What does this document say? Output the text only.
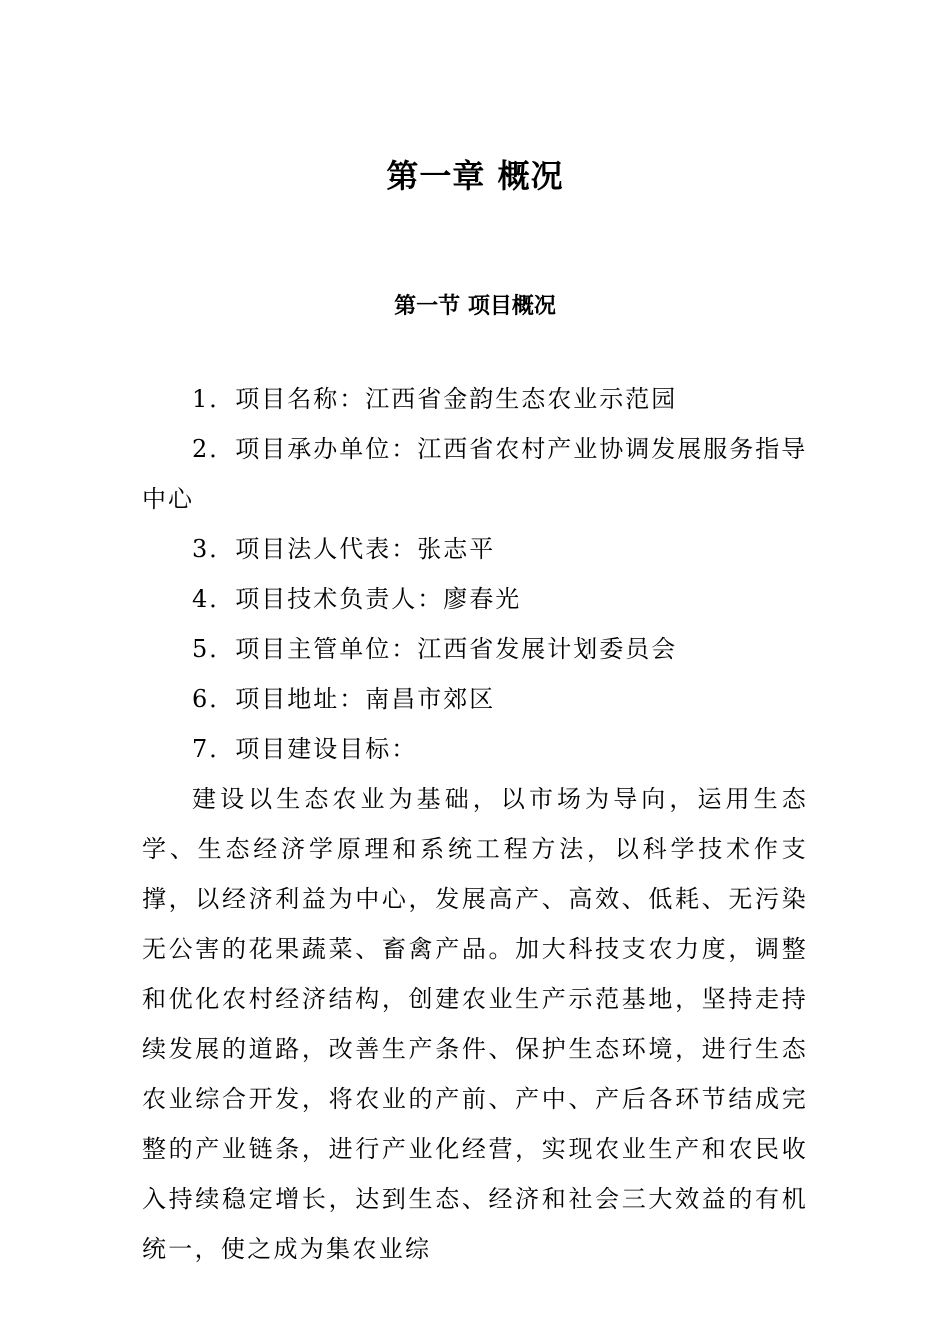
第一章 概况
第一节 项目概况

1．项目名称：江西省金韵生态农业示范园

2．项目承办单位：江西省农村产业协调发展服务指导中心

3．项目法人代表：张志平

4．项目技术负责人：廖春光

5．项目主管单位：江西省发展计划委员会

6．项目地址：南昌市郊区

7．项目建设目标：

建设以生态农业为基础，以市场为导向，运用生态学、生态经济学原理和系统工程方法，以科学技术作支撑，以经济利益为中心，发展高产、高效、低耗、无污染无公害的花果蔬菜、畜禽产品。加大科技支农力度，调整和优化农村经济结构，创建农业生产示范基地，坚持走持续发展的道路，改善生产条件、保护生态环境，进行生态农业综合开发，将农业的产前、产中、产后各环节结成完整的产业链条，进行产业化经营，实现农业生产和农民收入持续稳定增长，达到生态、经济和社会三大效益的有机统一，使之成为集农业综
